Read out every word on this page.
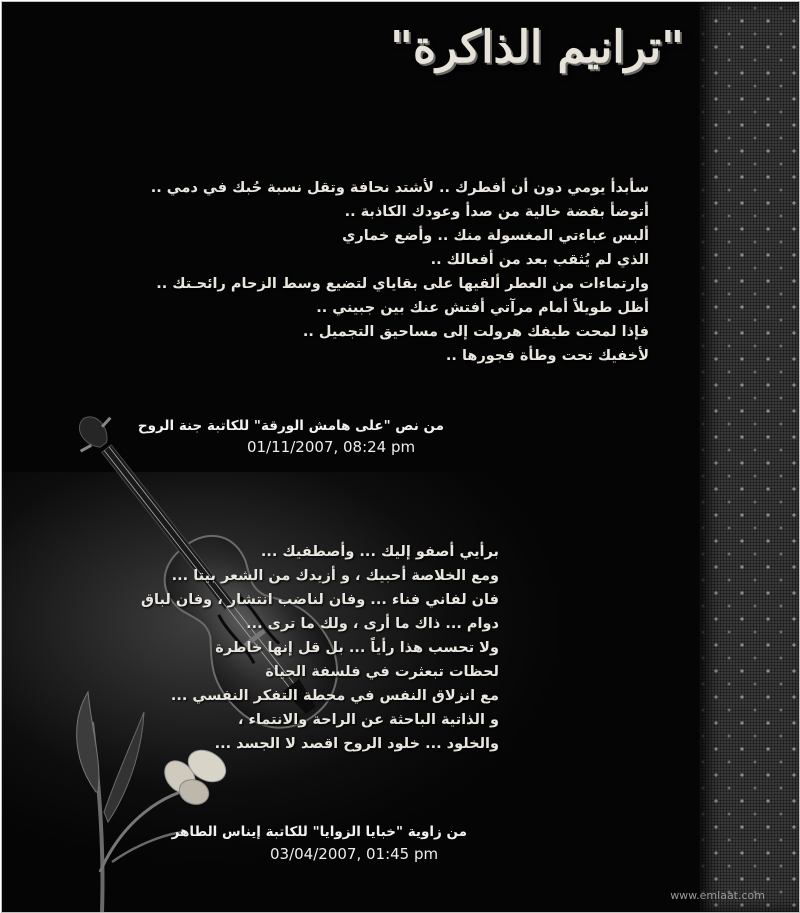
"ترانيم الذاكرة"
سأبدأ يومي دون أن أفطرك .. لأشتد نحافة وتقل نسبة حُبك في دمي ..
أتوضأ بفضة خالية من صدأ وعودك الكاذبة ..
ألبس عباءتي المغسولة منك .. وأضع خماري
الذي لم يُثقب بعد من أفعالك ..
وارتماءات من العطر ألقيها على بقاياي لتضيع وسط الزحام رائحـتك ..
أظل طويلاً أمام مرآتي أفتش عنك بين جبيني ..
فإذا لمحت طيفك هرولت إلى مساحيق التجميل ..
لأخفيك تحت وطأة فجورها ..
من نص "على هامش الورقة" للكاتبة جنة الروح
01/11/2007, 08:24 pm
برأيي أصفو إليك ... وأصطفيك ...
ومع الخلاصة أحبيك ، و أزيدك من الشعر بيتا ...
فان لفاني فناء ... وفان لناضب انتشار ، وفان لباق
دوام ... ذاك ما أرى ، ولك ما ترى ...
ولا تحسب هذا رأياً ... بل قل إنها خاطرة
لحظات تبعثرت في فلسفة الحياة
مع انزلاق النفس في محطة التفكر النفسي ...
و الذاتية الباحثة عن الراحة والانتماء ،
والخلود ... خلود الروح اقصد لا الجسد ...
من زاوية "خبايا الزوايا" للكاتبة إيناس الطاهر
03/04/2007, 01:45 pm
www.emlaat.com
